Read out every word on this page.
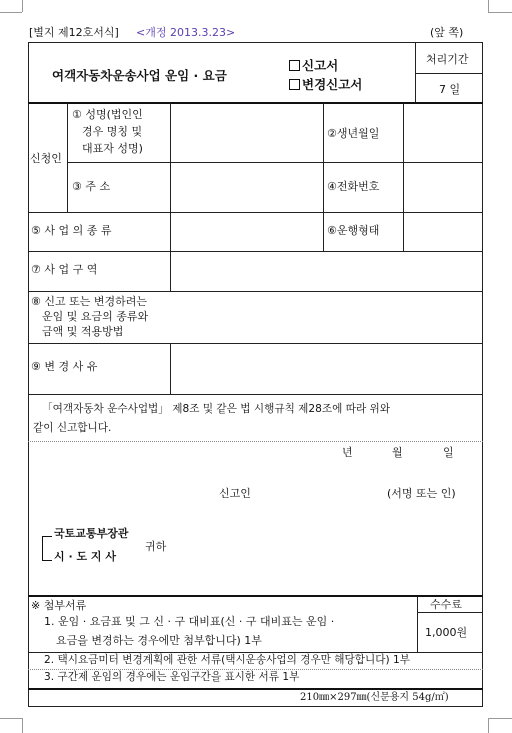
[별지 제12호서식] <개정 2013.3.23>	(앞 쪽)
여객자동차운송사업 운임 · 요금
신고서
변경신고서
처리기간
7 일
신청인
① 성명(법인인
경우 명칭 및
대표자 성명)
②생년월일
③ 주 소	④전화번호
⑤ 사 업 의 종 류	⑥운행형태
⑦ 사 업 구 역
⑧ 신고 또는 변경하려는
운임 및 요금의 종류와
금액 및 적용방법
⑨ 변 경 사 유
「여객자동차 운수사업법」 제8조 및 같은 법 시행규칙 제28조에 따라 위와
같이 신고합니다.
년	월	일
신고인	(서명 또는 인)
국토교통부장관
시 · 도 지 사
귀하
※ 첨부서류
1. 운임 · 요금표 및 그 신 · 구 대비표(신 · 구 대비표는 운임 ·
요금을 변경하는 경우에만 첨부합니다) 1부
수수료
1,000원
2. 택시요금미터 변경계획에 관한 서류(택시운송사업의 경우만 해당합니다) 1부
3. 구간제 운임의 경우에는 운임구간을 표시한 서류 1부
210㎜×297㎜(신문용지 54g/㎡)
